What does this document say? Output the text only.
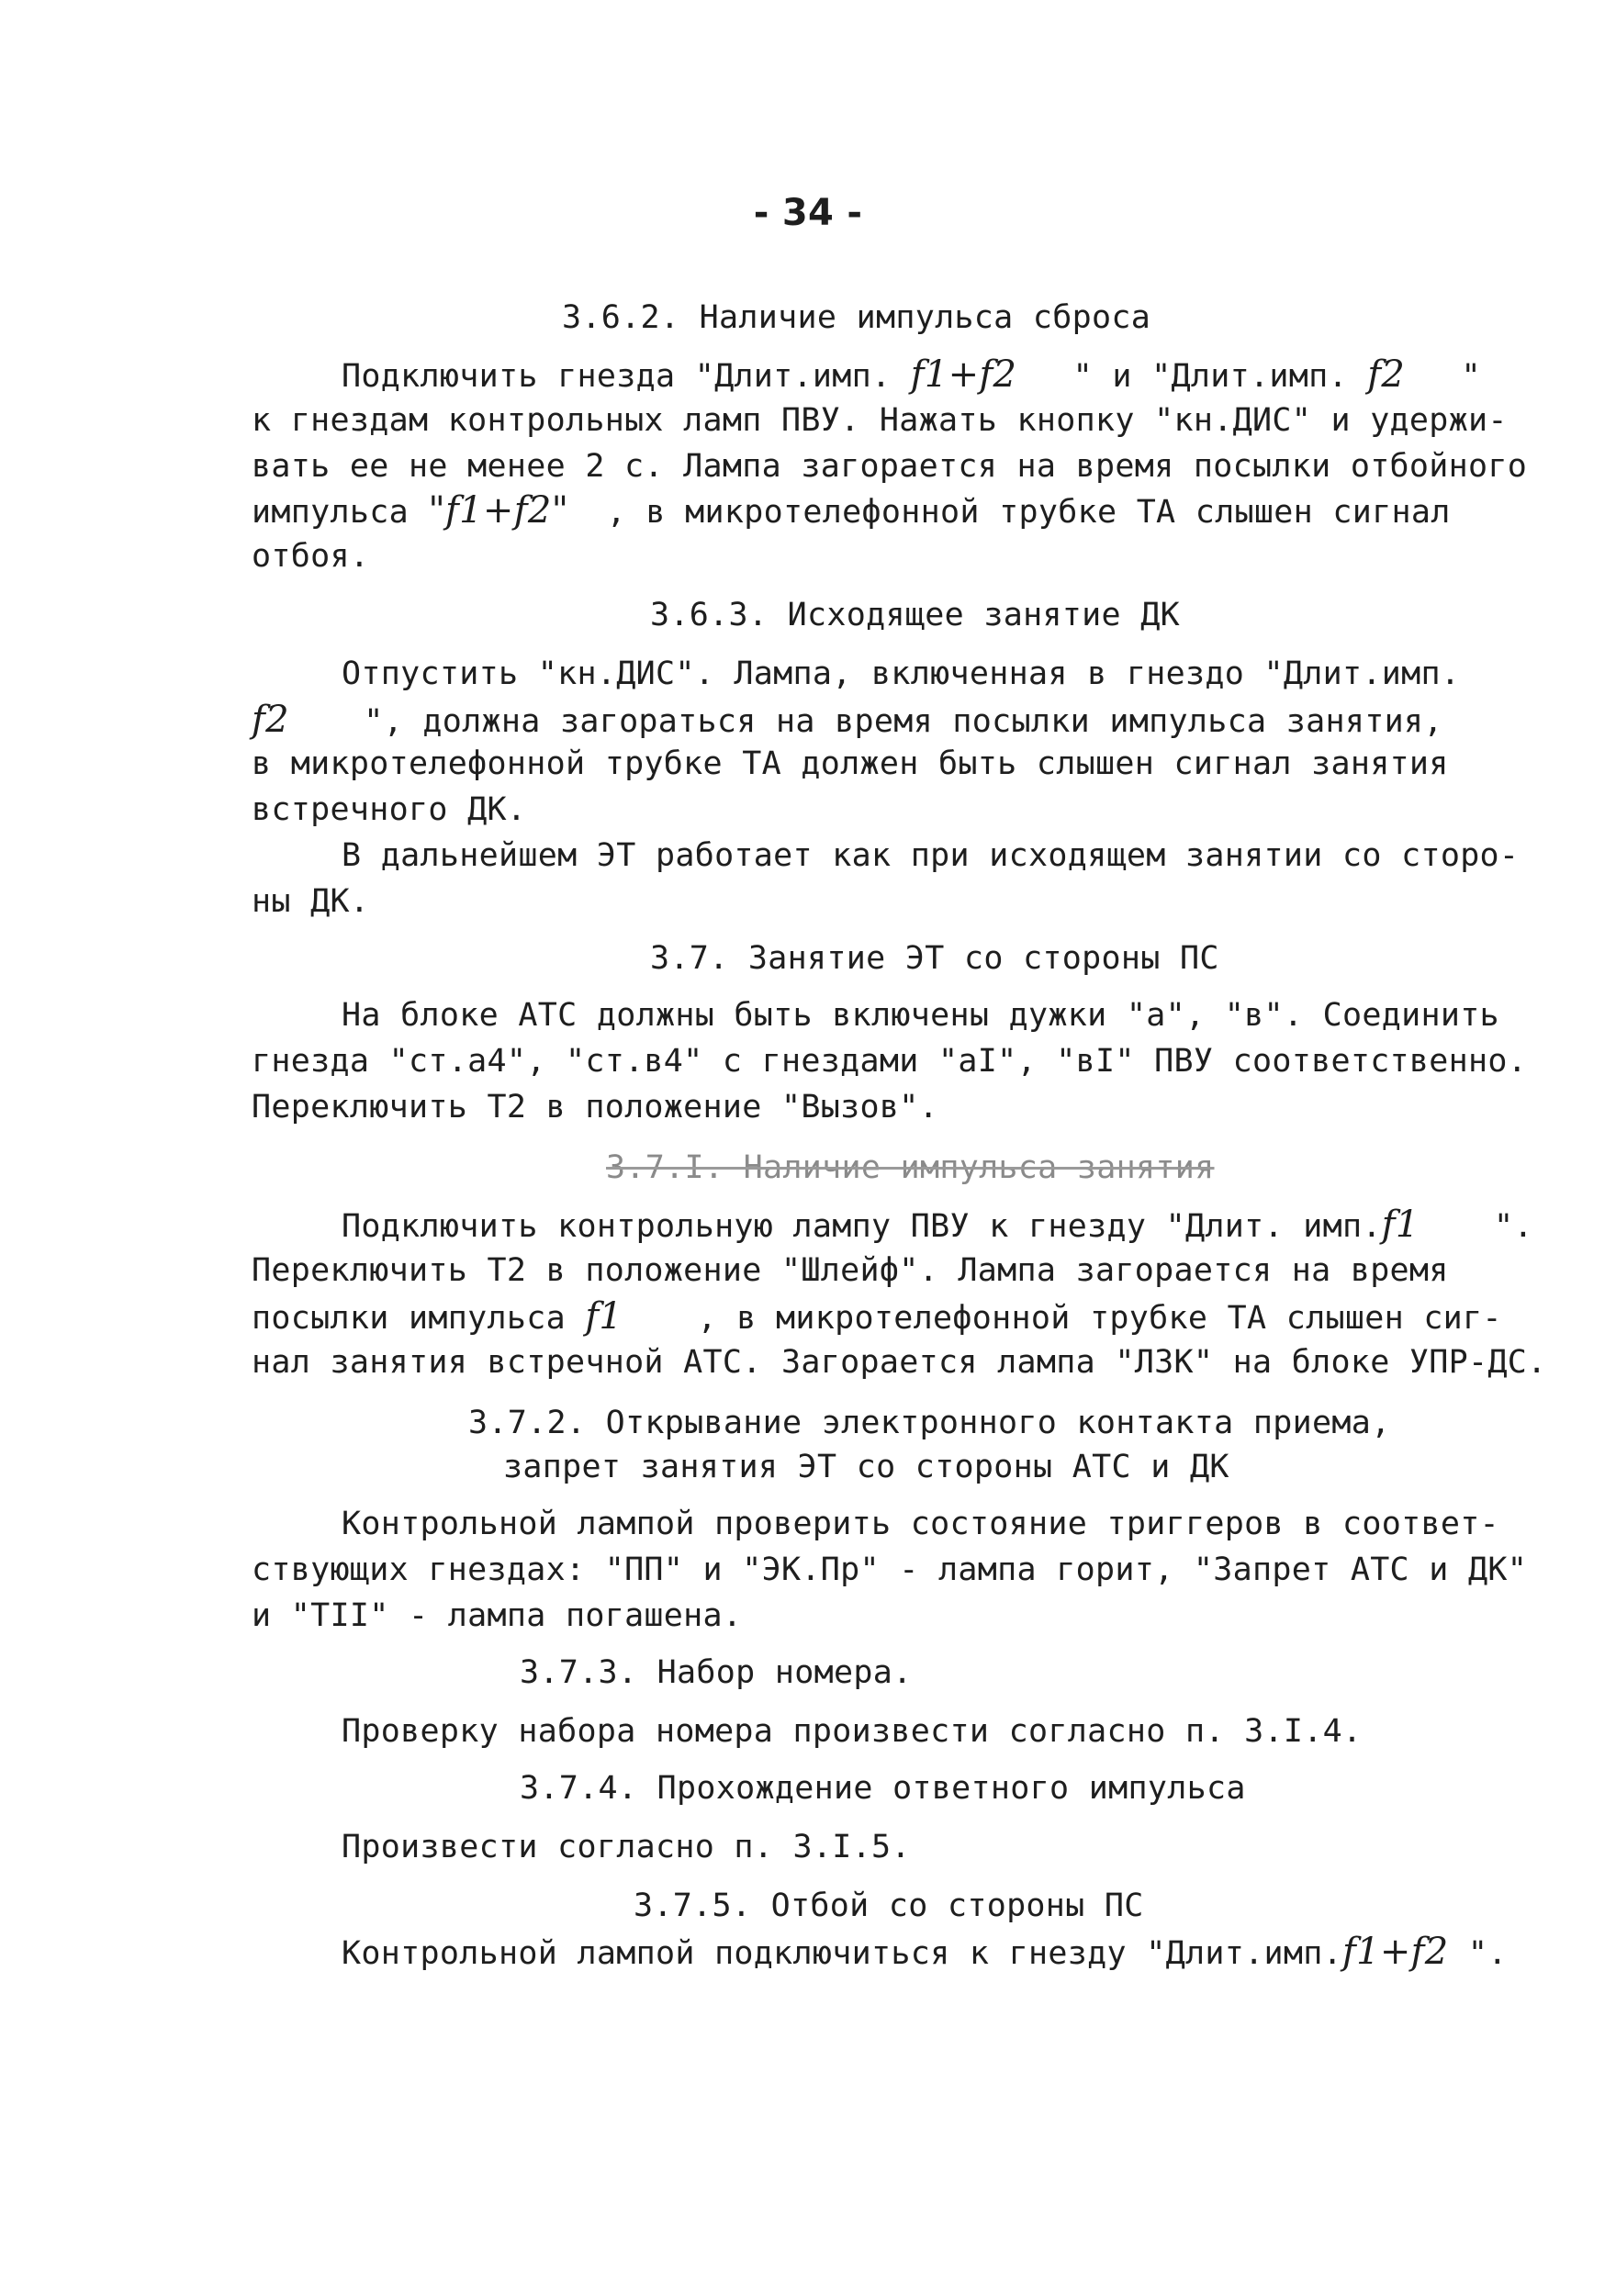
- 34 -
3.6.2. Наличие импульса сброса
Подключить гнезда "Длит.имп. f1+f2 " и "Длит.имп. f2 "
к гнездам контрольных ламп ПВУ. Нажать кнопку "кн.ДИС" и удержи-
вать ее не менее 2 с. Лампа загорается на время посылки отбойного
импульса "f1+f2" , в микротелефонной трубке ТА слышен сигнал
отбоя.
3.6.3. Исходящее занятие ДК
Отпустить "кн.ДИС". Лампа, включенная в гнездо "Длит.имп.
f2 ", должна загораться на время посылки импульса занятия,
в микротелефонной трубке ТА должен быть слышен сигнал занятия
встречного ДК.
В дальнейшем ЭТ работает как при исходящем занятии со сторо-
ны ДК.
3.7. Занятие ЭТ со стороны ПС
На блоке АТС должны быть включены дужки "а", "в". Соединить
гнезда "ст.а4", "ст.в4" с гнездами "аI", "вI" ПВУ соответственно.
Переключить Т2 в положение "Вызов".
3.7.I. Наличие импульса занятия
Подключить контрольную лампу ПВУ к гнезду "Длит. имп.f1 ".
Переключить Т2 в положение "Шлейф". Лампа загорается на время
посылки импульса f1 , в микротелефонной трубке ТА слышен сиг-
нал занятия встречной АТС. Загорается лампа "ЛЗК" на блоке УПР-ДС.
3.7.2. Открывание электронного контакта приема,
запрет занятия ЭТ со стороны АТС и ДК
Контрольной лампой проверить состояние триггеров в соответ-
ствующих гнездах: "ПП" и "ЭК.Пр" - лампа горит, "Запрет АТС и ДК"
и "ТII" - лампа погашена.
3.7.3. Набор номера.
Проверку набора номера произвести согласно п. 3.I.4.
3.7.4. Прохождение ответного импульса
Произвести согласно п. 3.I.5.
3.7.5. Отбой со стороны ПС
Контрольной лампой подключиться к гнезду "Длит.имп.f1+f2 ".
